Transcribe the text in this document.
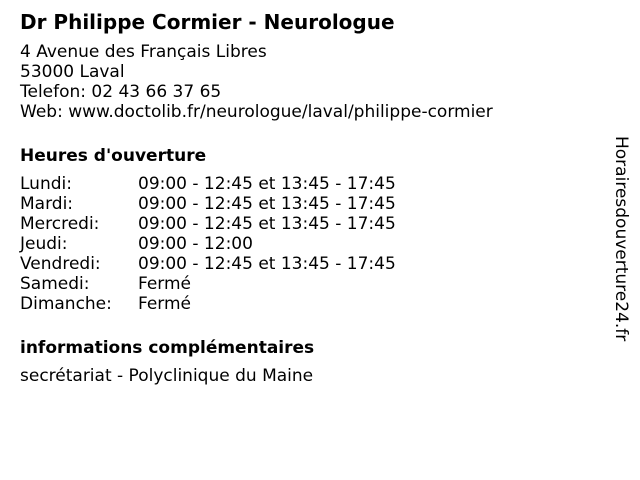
Dr Philippe Cormier - Neurologue
4 Avenue des Français Libres
53000 Laval
Telefon: 02 43 66 37 65
Web: www.doctolib.fr/neurologue/laval/philippe-cormier
Heures d'ouverture
Lundi:	09:00 - 12:45 et 13:45 - 17:45
Mardi:	09:00 - 12:45 et 13:45 - 17:45
Mercredi:	09:00 - 12:45 et 13:45 - 17:45
Jeudi:	09:00 - 12:00
Vendredi:	09:00 - 12:45 et 13:45 - 17:45
Samedi:	Fermé
Dimanche:	Fermé
informations complémentaires
secrétariat - Polyclinique du Maine
Horairesdouverture24.fr
